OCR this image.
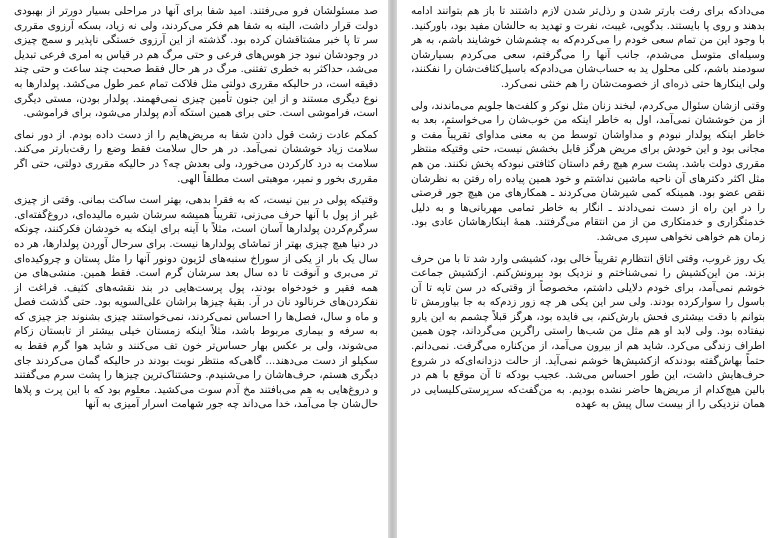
صد مسئولشان فرو می‌رفتند. امید شفا برای آنها در مراحلی بسیار دورتر از بهبودی دولت قرار داشت، البته به شفا هم فکر می‌کردند، ولی نه زیاد، بسکه آرزوی مقرری سر تا پا خبر مشتاقشان کرده بود. گذشته از این آرزوی خستگی ناپذیر و سمج چیزی در وجودشان نبود جز هوس‌های فرعی و حتی مرگ هم در قیاس به امری فرعی تبدیل می‌شد، حداکثر به خطری تفتنی. مرگ در هر حال فقط صحبت چند ساعت و حتی چند دقیقه است، در حالیکه مقرری دولتی مثل فلاکت تمام عمر طول می‌کشد. پولدارها به نوع دیگری مستند و از این جنون تأمین چیزی نمی‌فهمند. پولدار بودن، مستی دیگری است، فراموشی است. حتی برای همین استکه آدم پولدار می‌شود، برای فراموشی.

کمکم عادت زشت قول دادن شفا به مریض‌هایم را از دست داده بودم. از دور نمای سلامت زیاد خوششان نمی‌آمد. در هر حال سلامت فقط وضع را رقت‌بارتر می‌کند. سلامت به درد کارکردن می‌خورد، ولی بعدش چه؟ در حالیکه مقرری دولتی، حتی اگر مقرری بخور و نمیر، موهبتی است مطلقاً الهی.

وقتیکه پولی در بین نیست، که به فقرا بدهی، بهتر است ساکت بمانی. وقتی از چیزی غیر از پول با آنها حرف می‌زنی، تقریباً همیشه سرشان شیره مالیده‌ای، دروغ‌گفته‌ای. سرگرم‌کردن پولدارها آسان است، مثلاً با آینه برای اینکه به خودشان فکرکنند، چونکه در دنیا هیچ چیزی بهتر از تماشای پولدارها نیست. برای سرحال آوردن پولدارها، هر ده سال یک بار از یکی از سوراخ سنبه‌های لژیون دونور آنها را مثل پستان و چروکیده‌ای تر می‌بری و آنوقت تا ده سال بعد سرشان گرم است. فقط همین. منشی‌های من همه فقیر و خودخواه بودند، پول پرست‌هایی در بند نقشه‌های کثیف. فراغت از نفکردن‌های خرنالود نان در آر. بقیهٔ چیزها براشان علی‌السویه بود. حتی گذشت فصل و ماه و سال، فصل‌ها را احساس نمی‌کردند، نمی‌خواستند چیزی بشنوند جز چیزی که به سرفه و بیماری مربوط باشد، مثلاً اینکه زمستان خیلی بیشتر از تابستان زکام می‌شوند، ولی بر عکس بهار حساس‌تر خون تف می‌کنند و شاید هوا گرم فقط به سکیلو از دست می‌دهند... گاهی‌که منتظر نوبت بودند در حالیکه گمان می‌کردند جای دیگری هستم، حرف‌هاشان را می‌شنیدم. وحشتناک‌ترین چیزها را پشت سرم می‌گفتند و دروغ‌هایی به هم می‌بافتند مخ آدم سوت می‌کشید. معلوم بود که با این پرت و پلاها حال‌شان جا می‌آمد، خدا می‌داند چه جور شهامت اسرار آمیزی به آنها

می‌دادکه برای رفت بارتر شدن و رذل‌تر شدن لازم داشتند تا باز هم بتوانند ادامه بدهند و روی پا بایستند. بدگویی، غیبت، نفرت و تهدید به حالشان مفید بود، باورکنید. با وجود این من تمام سعی خودم را می‌کردم‌که به چشم‌شان خوشایند باشم، به هر وسیله‌ای متوسل می‌شدم، جانب آنها را می‌گرفتم، سعی می‌کردم بسیار‌شان سودمند باشم، کلی محلول ید به‌ حساب‌شان می‌دادم‌که باسیل‌کثافت‌شان را نفکنند، ولی اینکارها حتی ذره‌ای از خصومت‌شان را هم خنثی نمی‌کرد.

وقتی ازشان سئوال می‌کردم، لبخند زنان مثل نوکر و کلفت‌ها جلویم می‌ماندند، ولی از من خوششان نمی‌آمد، اول به خاطر اینکه من خوب‌شان را می‌خواستم، بعد به خاطر اینکه پولدار نبودم و مداوا‌شان توسط من به معنی مداوای تقریباً مفت و مجانی بود و این خودش برای مریض هرگز قابل بخشش نیست، حتی وقتیکه منتظر مقرری دولت باشد. پشت سرم هیچ رقم داستان کثافتی نبودکه پخش نکنند. من هم مثل اکثر دکترهای آن ناحیه ماشین نداشتم و خود همین پیاده راه رفتن به نظرشان نقص عضو بود. همینکه کمی شیرشان می‌کردند ـ همکارهای من هیچ جور فرصتی را در این راه از دست نمی‌دادند ـ انگار به خاطر تمامی مهربانی‌ها و به دلیل خدمتگزاری و خدمتکاری من از من انتقام می‌گرفتند. همهٔ اینکارهاشان عادی بود. زمان هم خواهی نخواهی سپری می‌شد.

یک روز غروب، وقتی اتاق انتظارم تقریباً خالی بود، کشیشی وارد شد تا با من حرف بزند. من این‌کشیش را نمی‌شناختم و نزدیک بود بیرونش‌کنم. ازکشیش جماعت خوشم نمی‌آمد، برای خودم دلایلی داشتم، مخصوصاً از وقتی‌که در سن تاپه تا آن باسول را سوارکرده بودند. ولی سر این یکی هر چه زور زدم‌که به جا بیاورمش تا بتوانم با دقت بیشتری فحش بارش‌کنم، بی فایده بود، هرگز قبلاً چشمم به این یارو نیفتاده بود. ولی لابد او هم مثل من شب‌ها راستی راگرین می‌گرداند، چون همین اطراف زندگی می‌کرد. شاید هم از بیرون می‌آمد، از من‌کناره می‌گرفت. نمی‌دانم. حتماً بهاش‌گفته بودندکه ازکشیش‌ها خوشم نمی‌آید. از حالت دزدانه‌ای‌که در شروع حرف‌هایش داشت، این طور احساس می‌شد. عجیب بودکه تا آن موقع با هم در بالین هیچ‌کدام از مریض‌ها حاضر نشده بودیم. به من‌گفت‌که سرپرستی‌کلیسایی در همان نزدیکی را از بیست سال پیش به عهده
